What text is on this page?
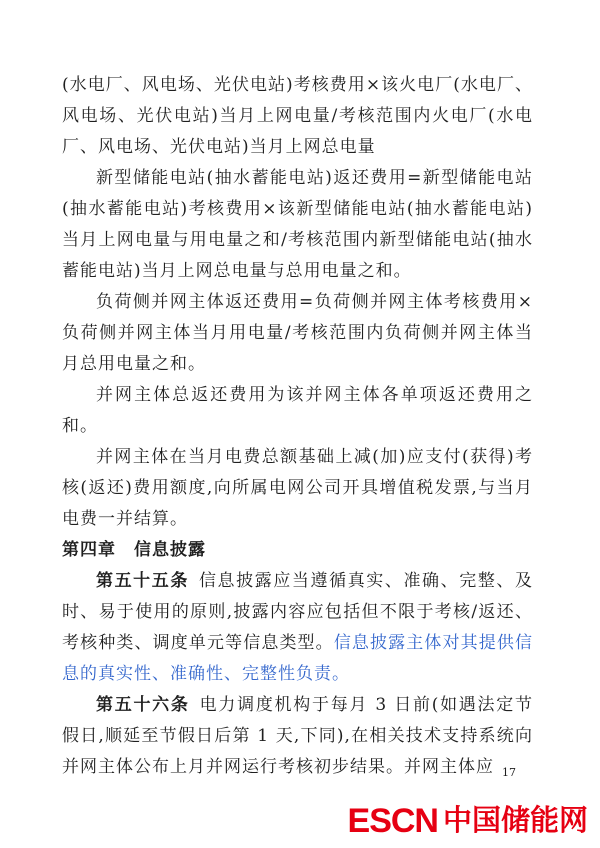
(水电厂、风电场、光伏电站)考核费用×该火电厂(水电厂、风电场、光伏电站)当月上网电量/考核范围内火电厂(水电厂、风电场、光伏电站)当月上网总电量

新型储能电站(抽水蓄能电站)返还费用=新型储能电站(抽水蓄能电站)考核费用×该新型储能电站(抽水蓄能电站)当月上网电量与用电量之和/考核范围内新型储能电站(抽水蓄能电站)当月上网总电量与总用电量之和。

负荷侧并网主体返还费用=负荷侧并网主体考核费用×负荷侧并网主体当月用电量/考核范围内负荷侧并网主体当月总用电量之和。

并网主体总返还费用为该并网主体各单项返还费用之和。

并网主体在当月电费总额基础上减(加)应支付(获得)考核(返还)费用额度,向所属电网公司开具增值税发票,与当月电费一并结算。

第四章　信息披露

第五十五条 信息披露应当遵循真实、准确、完整、及时、易于使用的原则,披露内容应包括但不限于考核/返还、考核种类、调度单元等信息类型。信息披露主体对其提供信息的真实性、准确性、完整性负责。

第五十六条 电力调度机构于每月 3 日前(如遇法定节假日,顺延至节假日后第 1 天,下同),在相关技术支持系统向并网主体公布上月并网运行考核初步结果。并网主体应 17
ESCN 中国储能网
